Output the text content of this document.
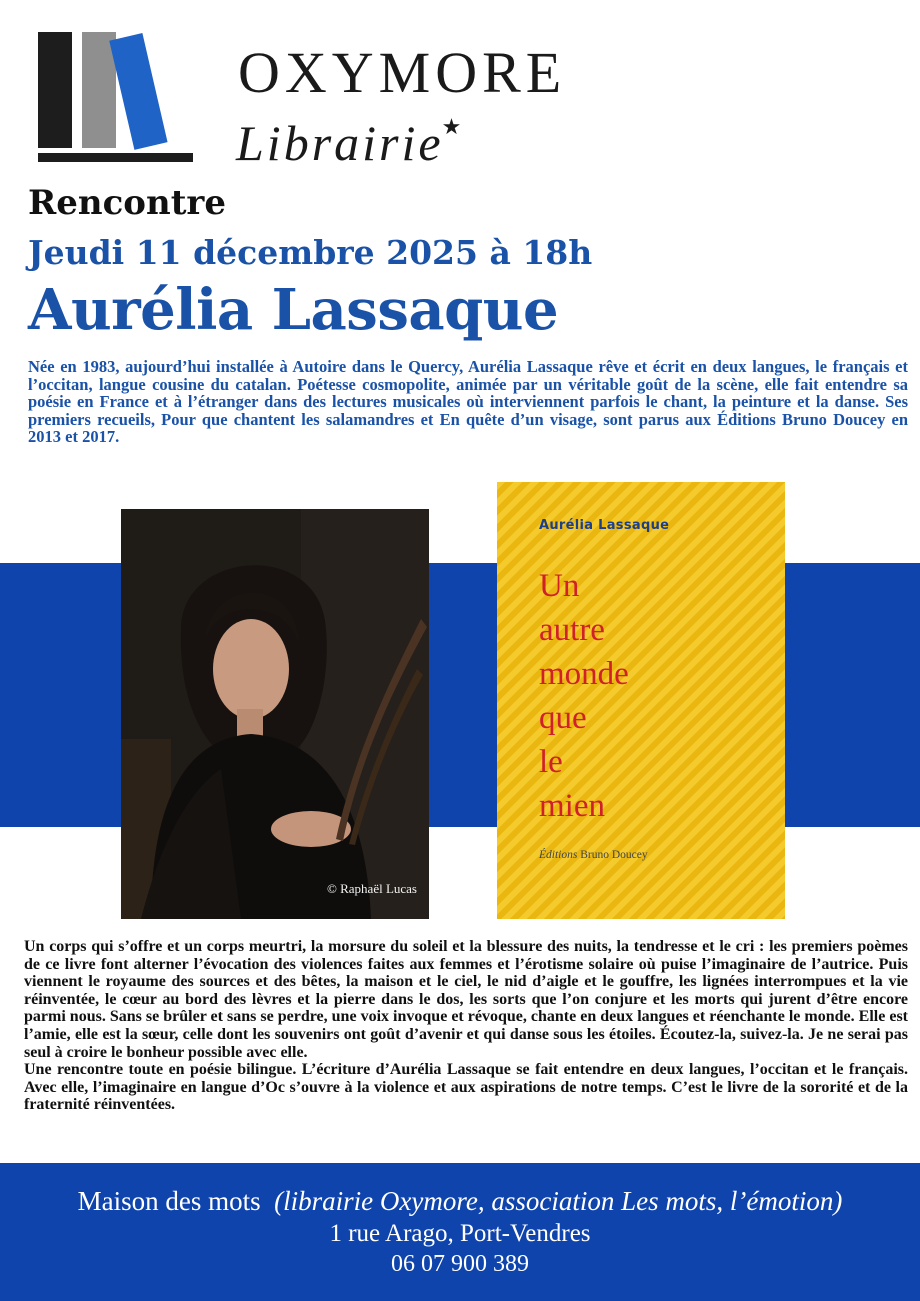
OXYMORE
Librairie★
Rencontre
Jeudi 11 décembre 2025 à 18h
Aurélia Lassaque

Née en 1983, aujourd’hui installée à Autoire dans le Quercy, Aurélia Lassaque rêve et écrit en deux langues, le français et l’occitan, langue cousine du catalan. Poétesse cosmopolite, animée par un véritable goût de la scène, elle fait entendre sa poésie en France et à l’étranger dans des lectures musicales où interviennent parfois le chant, la peinture et la danse. Ses premiers recueils, Pour que chantent les salamandres et En quête d’un visage, sont parus aux Éditions Bruno Doucey en 2013 et 2017.

© Raphaël Lucas
Aurélia Lassaque
Un
autre
monde
que
le
mien
Éditions Bruno Doucey

Un corps qui s’offre et un corps meurtri, la morsure du soleil et la blessure des nuits, la tendresse et le cri : les premiers poèmes de ce livre font alterner l’évocation des violences faites aux femmes et l’érotisme solaire où puise l’imaginaire de l’autrice. Puis viennent le royaume des sources et des bêtes, la maison et le ciel, le nid d’aigle et le gouffre, les lignées interrompues et la vie réinventée, le cœur au bord des lèvres et la pierre dans le dos, les sorts que l’on conjure et les morts qui jurent d’être encore parmi nous. Sans se brûler et sans se perdre, une voix invoque et révoque, chante en deux langues et réenchante le monde. Elle est l’amie, elle est la sœur, celle dont les souvenirs ont goût d’avenir et qui danse sous les étoiles. Écoutez-la, suivez-la. Je ne serai pas seul à croire le bonheur possible avec elle.

Une rencontre toute en poésie bilingue. L’écriture d’Aurélia Lassaque se fait entendre en deux langues, l’occitan et le français. Avec elle, l’imaginaire en langue d’Oc s’ouvre à la violence et aux aspirations de notre temps. C’est le livre de la sororité et de la fraternité réinventées.

Maison des mots (librairie Oxymore, association Les mots, l’émotion)
1 rue Arago, Port-Vendres
06 07 900 389
